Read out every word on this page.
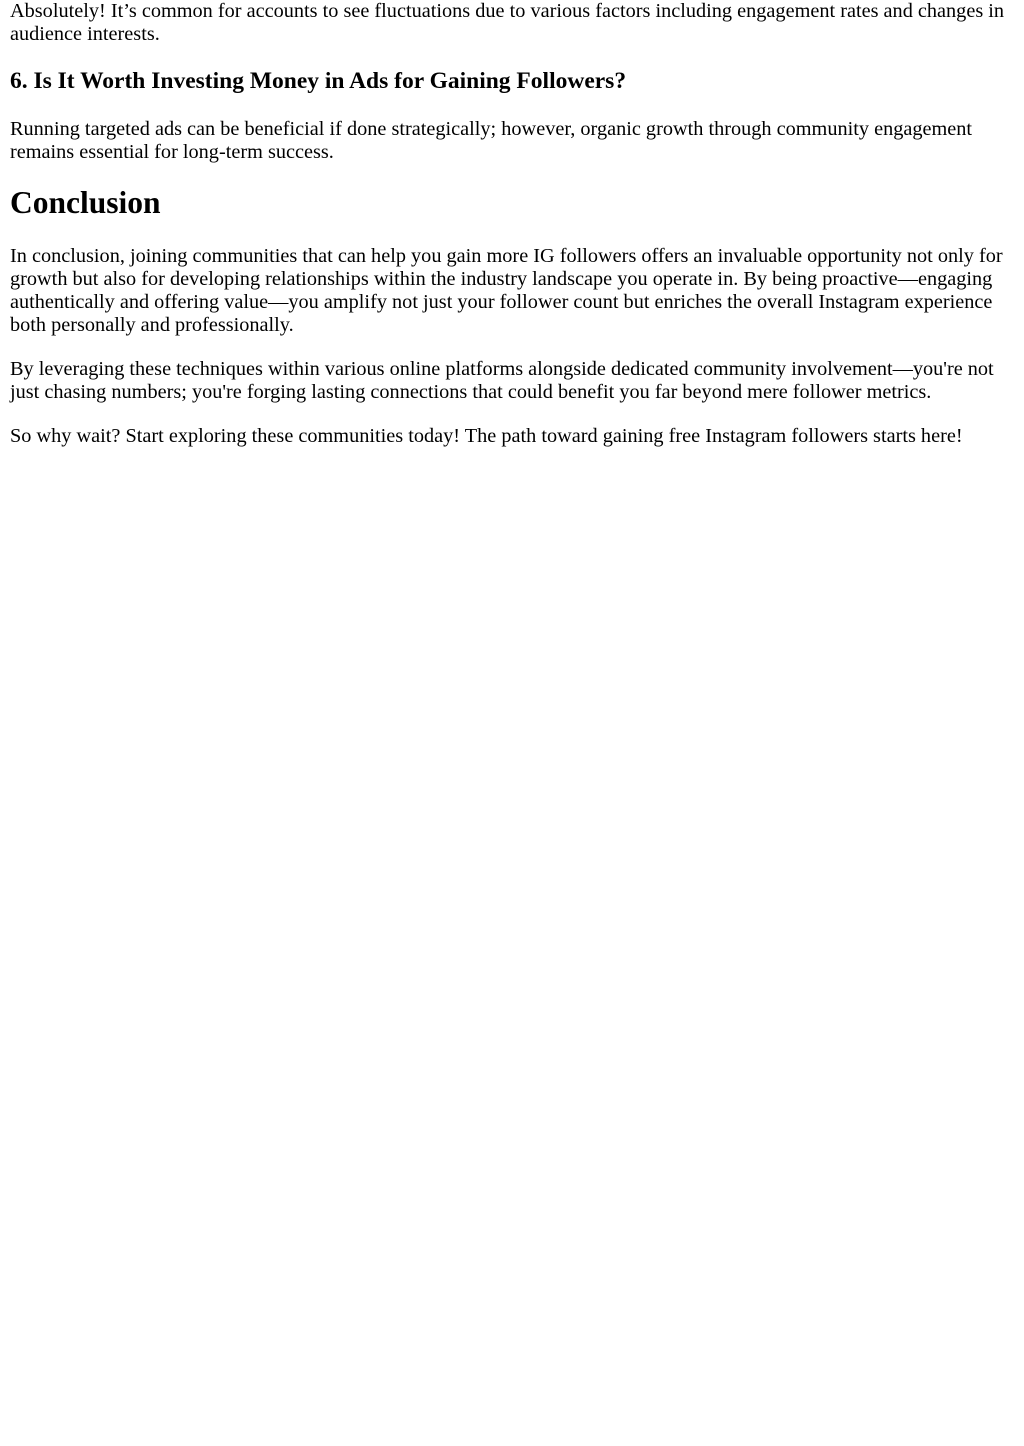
Absolutely! It’s common for accounts to see fluctuations due to various factors including engagement rates and changes in audience interests.

6. Is It Worth Investing Money in Ads for Gaining Followers?

Running targeted ads can be beneficial if done strategically; however, organic growth through community engagement remains essential for long-term success.

Conclusion

In conclusion, joining communities that can help you gain more IG followers offers an invaluable opportunity not only for growth but also for developing relationships within the industry landscape you operate in. By being proactive—engaging authentically and offering value—you amplify not just your follower count but enriches the overall Instagram experience both personally and professionally.

By leveraging these techniques within various online platforms alongside dedicated community involvement—you're not just chasing numbers; you're forging lasting connections that could benefit you far beyond mere follower metrics.

So why wait? Start exploring these communities today! The path toward gaining free Instagram followers starts here!
